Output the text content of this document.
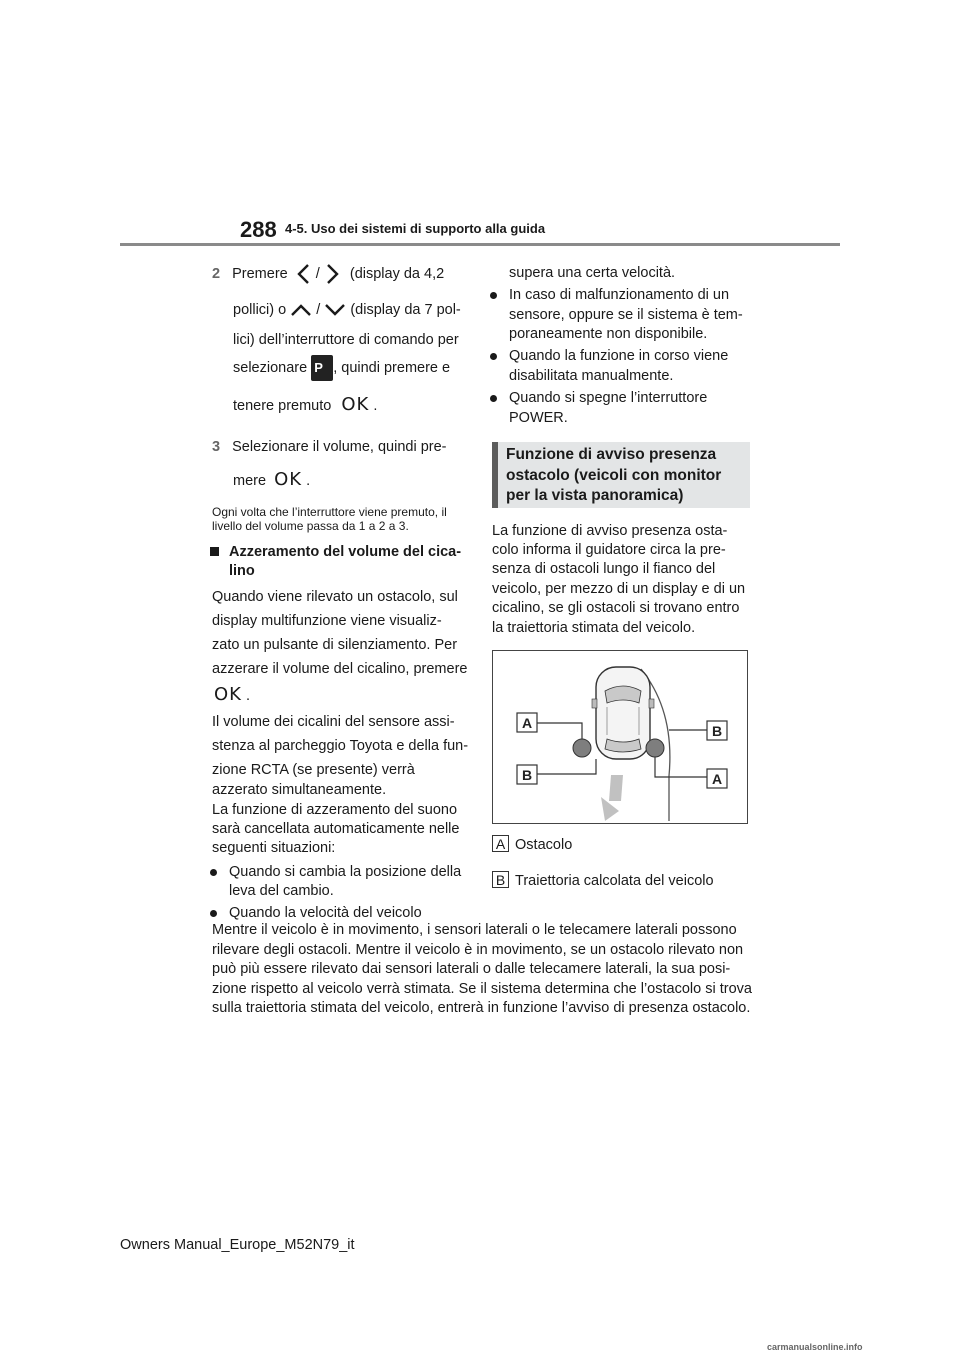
288 4-5. Uso dei sistemi di supporto alla guida
2 Premere / (display da 4,2
pollici) o / (display da 7 pol-
lici) dell’interruttore di comando per
selezionare P , quindi premere e
tenere premuto OK .
3 Selezionare il volume, quindi pre-
mere OK .
Ogni volta che l’interruttore viene premuto, il
livello del volume passa da 1 a 2 a 3.
Azzeramento del volume del cica-
lino
Quando viene rilevato un ostacolo, sul
display multifunzione viene visualiz-
zato un pulsante di silenziamento. Per
azzerare il volume del cicalino, premere
OK .
Il volume dei cicalini del sensore assi-
stenza al parcheggio Toyota e della fun-
zione RCTA (se presente) verrà
azzerato simultaneamente.
La funzione di azzeramento del suono
sarà cancellata automaticamente nelle
seguenti situazioni:
Quando si cambia la posizione della
leva del cambio.
Quando la velocità del veicolo
supera una certa velocità.
In caso di malfunzionamento di un
sensore, oppure se il sistema è tem-
poraneamente non disponibile.
Quando la funzione in corso viene
disabilitata manualmente.
Quando si spegne l’interruttore
POWER.
Funzione di avviso presenza
ostacolo (veicoli con monitor
per la vista panoramica)
La funzione di avviso presenza osta-
colo informa il guidatore circa la pre-
senza di ostacoli lungo il fianco del
veicolo, per mezzo di un display e di un
cicalino, se gli ostacoli si trovano entro
la traiettoria stimata del veicolo.
A
B
B
A
A Ostacolo
B Traiettoria calcolata del veicolo
Mentre il veicolo è in movimento, i sensori laterali o le telecamere laterali possono
rilevare degli ostacoli. Mentre il veicolo è in movimento, se un ostacolo rilevato non
può più essere rilevato dai sensori laterali o dalle telecamere laterali, la sua posi-
zione rispetto al veicolo verrà stimata. Se il sistema determina che l’ostacolo si trova
sulla traiettoria stimata del veicolo, entrerà in funzione l’avviso di presenza ostacolo.
Owners Manual_Europe_M52N79_it
carmanualsonline.info
